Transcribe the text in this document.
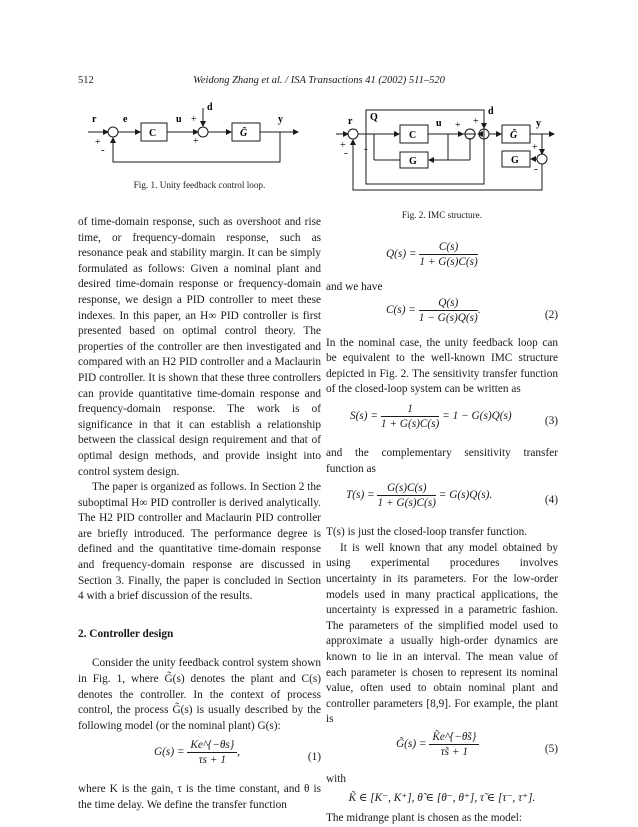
512	Weidong Zhang et al. / ISA Transactions 41 (2002) 511–520
r	e	u
d
y
C	G̃
+
-
+
+
Fig. 1. Unity feedback control loop.
r Q
u
d
y
C	G̃
G	G
+
- -
+ +
+
-
Fig. 2. IMC structure.

of time-domain response, such as overshoot and rise time, or frequency-domain response, such as resonance peak and stability margin. It can be simply formulated as follows: Given a nominal plant and desired time-domain response or frequency-domain response, we design a PID controller to meet these indexes. In this paper, an H∞ PID controller is first presented based on optimal control theory. The properties of the controller are then investigated and compared with an H2 PID controller and a Maclaurin PID controller. It is shown that these three controllers can provide quantitative time-domain response and frequency-domain response. The work is of significance in that it can establish a relationship between the classical design requirement and that of optimal design methods, and provide insight into control system design.

The paper is organized as follows. In Section 2 the suboptimal H∞ PID controller is derived analytically. The H2 PID controller and Maclaurin PID controller are briefly introduced. The performance degree is defined and the quantitative time-domain response and frequency-domain response are discussed in Section 3. Finally, the paper is concluded in Section 4 with a brief discussion of the results.

2. Controller design

Consider the unity feedback control system shown in Fig. 1, where G̃(s) denotes the plant and C(s) denotes the controller. In the context of process control, the process G̃(s) is usually described by the following model (or the nominal plant) G(s):

$G(s) = \frac{Ke\^{}\{-\theta s\}}{\tau s + 1}$ ,	(1)

where K is the gain, τ is the time constant, and θ is the time delay. We define the transfer function

$Q(s) = \frac{C(s)}{1 + G(s)C(s)}$

and we have

$C(s) = \frac{Q(s)}{1 - G(s)Q(s)}$ .	(2)

In the nominal case, the unity feedback loop can be equivalent to the well-known IMC structure depicted in Fig. 2. The sensitivity transfer function of the closed-loop system can be written as

$S(s) = \frac{1}{1 + G(s)C(s)} = 1 - G(s)Q(s)$	(3)

and the complementary sensitivity transfer function as

$T(s) = \frac{G(s)C(s)}{1 + G(s)C(s)} = G(s)Q(s)$.	(4)

T(s) is just the closed-loop transfer function.

It is well known that any model obtained by using experimental procedures involves uncertainty in its parameters. For the low-order models used in many practical applications, the uncertainty is expressed in a parametric fashion. The parameters of the simplified model used to approximate a usually high-order dynamics are known to lie in an interval. The mean value of each parameter is chosen to represent its nominal value, often used to obtain nominal plant and controller parameters [8,9]. For example, the plant is

G̃(s) = $\frac{K̃e\^{}\{-\thetãs\}}{\taũs + 1}$	(5)

with

K̃ ∈ [K⁻, K⁺], θ̃ ∈ [θ⁻, θ⁺], τ̃ ∈ [τ⁻, τ⁺].

The midrange plant is chosen as the model:
